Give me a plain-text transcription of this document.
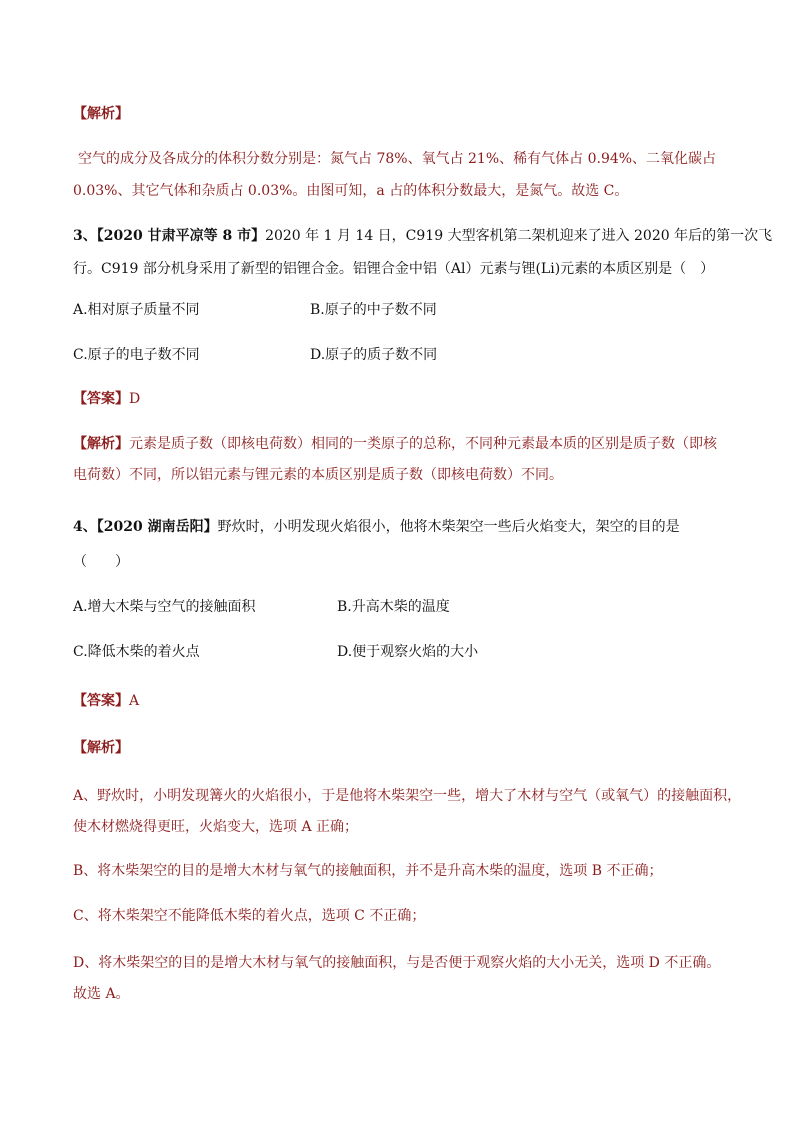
【解析】
空气的成分及各成分的体积分数分别是：氮气占 78%、氧气占 21%、稀有气体占 0.94%、二氧化碳占
0.03%、其它气体和杂质占 0.03%。由图可知，a 占的体积分数最大，是氮气。故选 C。
3、【2020 甘肃平凉等 8 市】2020 年 1 月 14 日，C919 大型客机第二架机迎来了进入 2020 年后的第一次飞
行。C919 部分机身采用了新型的铝锂合金。铝锂合金中铝（Al）元素与锂(Li)元素的本质区别是（　）
A.相对原子质量不同	B.原子的中子数不同
C.原子的电子数不同	D.原子的质子数不同
【答案】D
【解析】元素是质子数（即核电荷数）相同的一类原子的总称，不同种元素最本质的区别是质子数（即核
电荷数）不同，所以铝元素与锂元素的本质区别是质子数（即核电荷数）不同。
4、【2020 湖南岳阳】野炊时，小明发现火焰很小，他将木柴架空一些后火焰变大，架空的目的是
（　　）
A.增大木柴与空气的接触面积	B.升高木柴的温度
C.降低木柴的着火点	D.便于观察火焰的大小
【答案】A
【解析】
A、野炊时，小明发现篝火的火焰很小，于是他将木柴架空一些，增大了木材与空气（或氧气）的接触面积，
使木材燃烧得更旺，火焰变大，选项 A 正确；
B、将木柴架空的目的是增大木材与氧气的接触面积，并不是升高木柴的温度，选项 B 不正确；
C、将木柴架空不能降低木柴的着火点，选项 C 不正确；
D、将木柴架空的目的是增大木材与氧气的接触面积，与是否便于观察火焰的大小无关，选项 D 不正确。
故选 A。
